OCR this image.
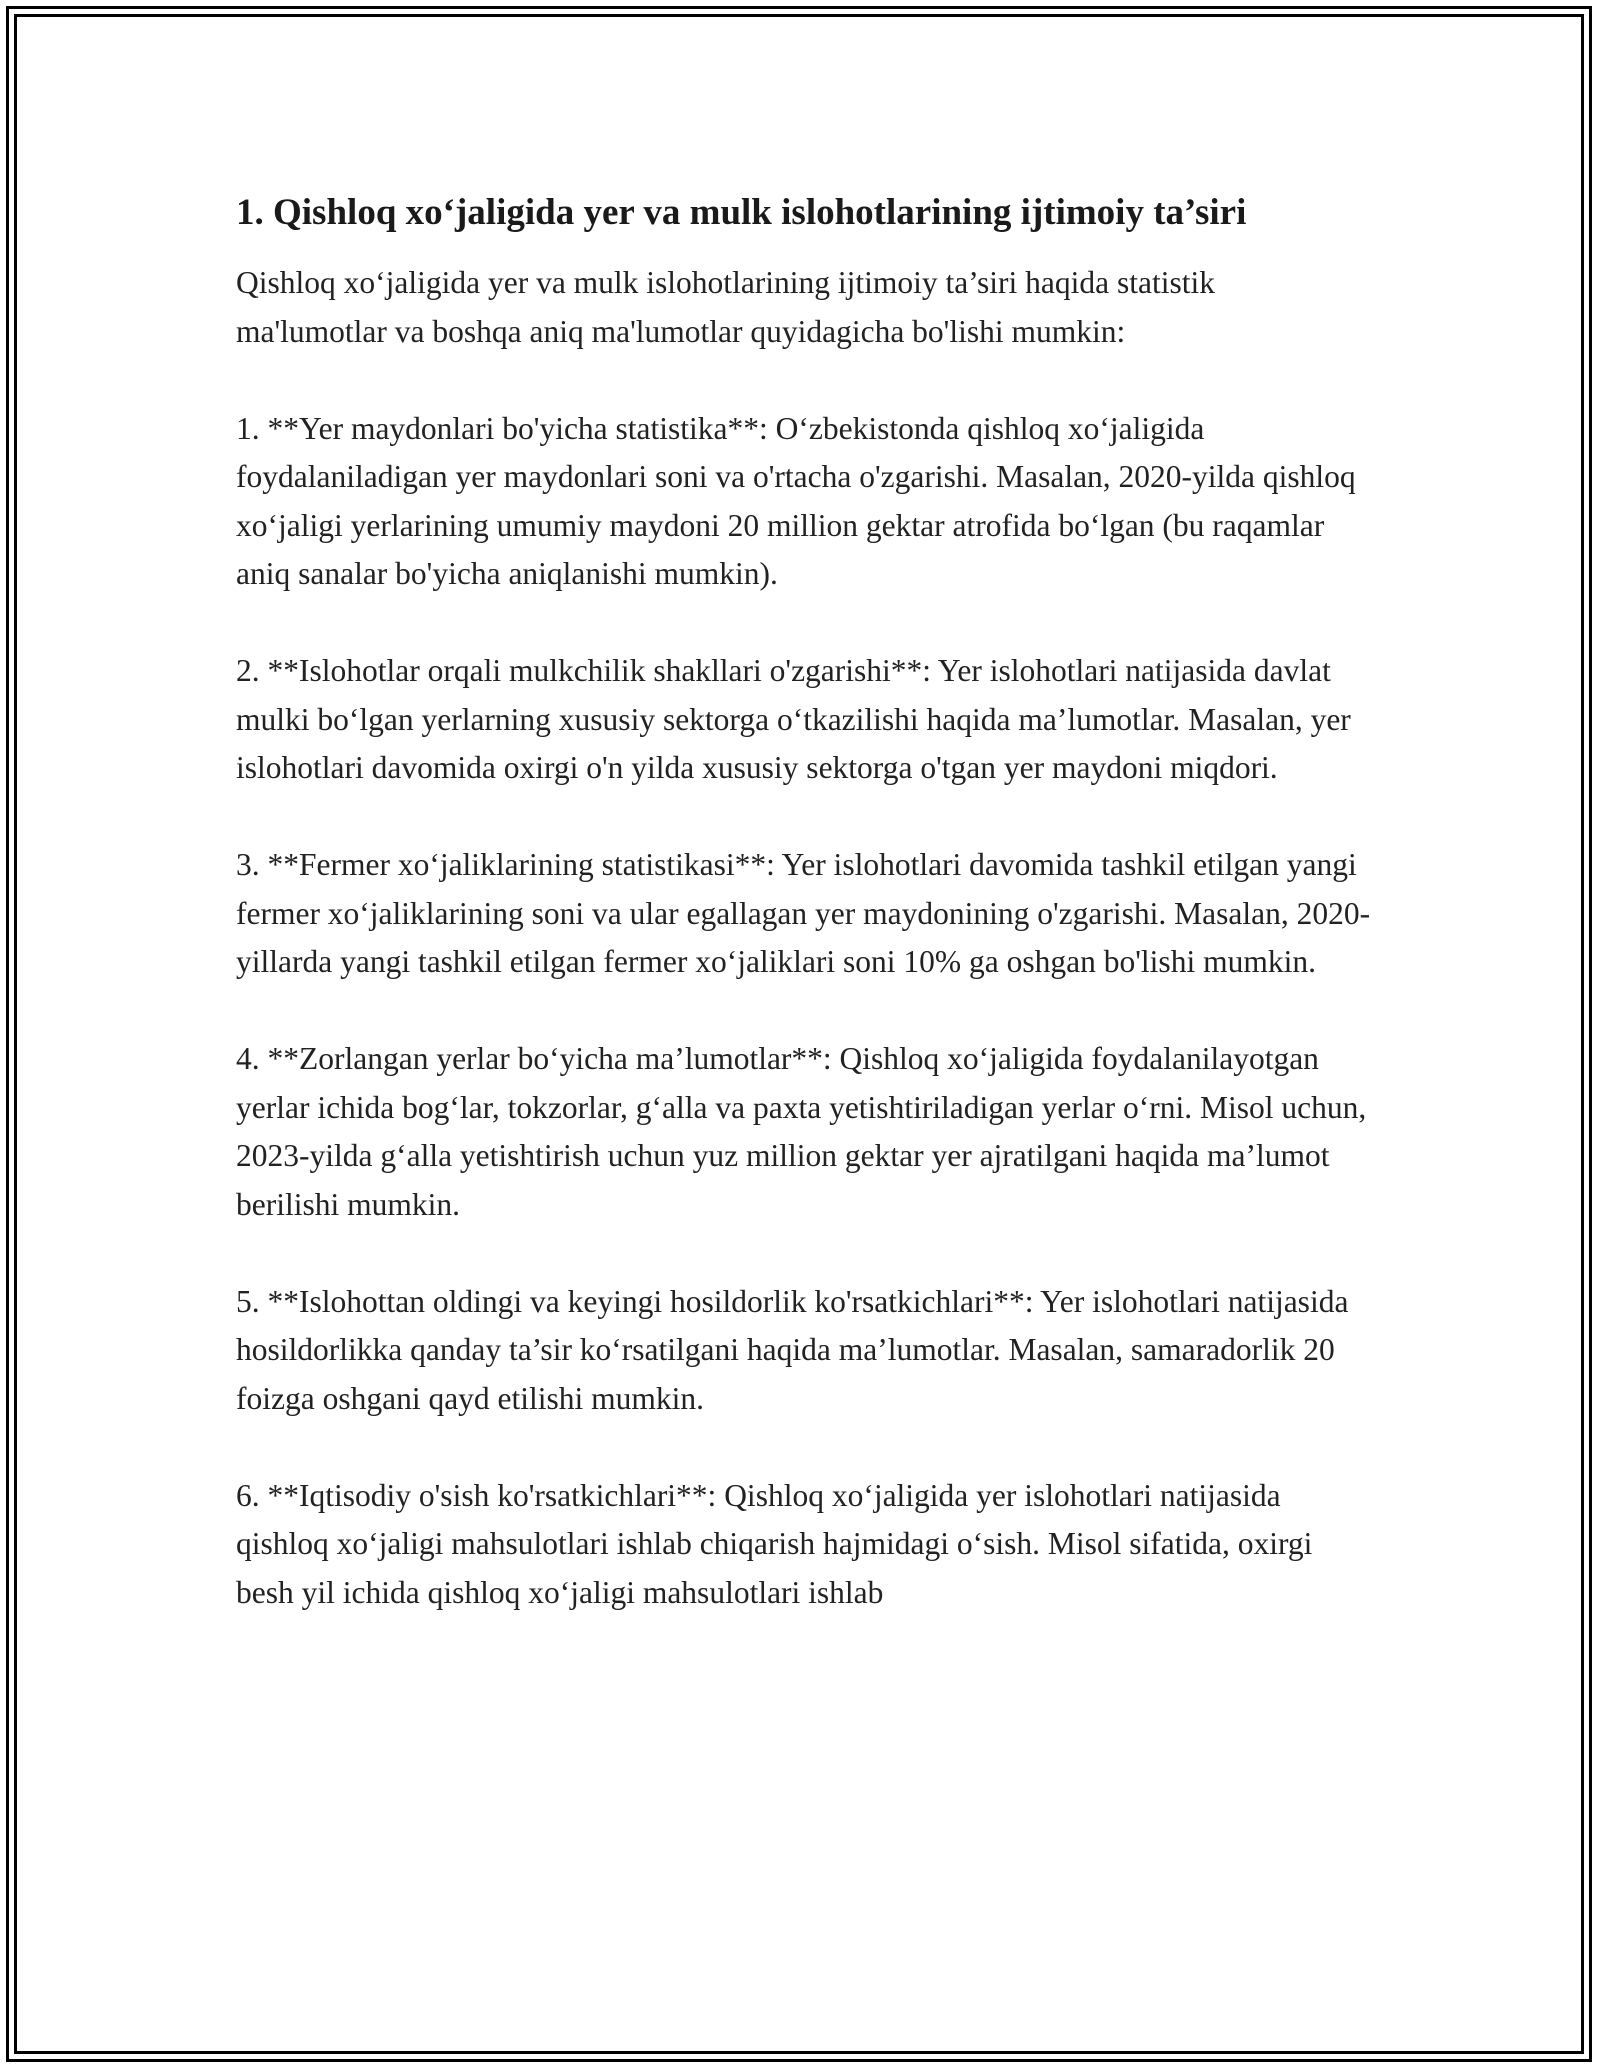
1. Qishloq xo‘jaligida yer va mulk islohotlarining ijtimoiy ta’siri

Qishloq xo‘jaligida yer va mulk islohotlarining ijtimoiy ta’siri haqida statistik ma'lumotlar va boshqa aniq ma'lumotlar quyidagicha bo'lishi mumkin:

1. **Yer maydonlari bo'yicha statistika**: O‘zbekistonda qishloq xo‘jaligida foydalaniladigan yer maydonlari soni va o'rtacha o'zgarishi. Masalan, 2020-yilda qishloq xo‘jaligi yerlarining umumiy maydoni 20 million gektar atrofida bo‘lgan (bu raqamlar aniq sanalar bo'yicha aniqlanishi mumkin).

2. **Islohotlar orqali mulkchilik shakllari o'zgarishi**: Yer islohotlari natijasida davlat mulki bo‘lgan yerlarning xususiy sektorga o‘tkazilishi haqida ma’lumotlar. Masalan, yer islohotlari davomida oxirgi o'n yilda xususiy sektorga o'tgan yer maydoni miqdori.

3. **Fermer xo‘jaliklarining statistikasi**: Yer islohotlari davomida tashkil etilgan yangi fermer xo‘jaliklarining soni va ular egallagan yer maydonining o'zgarishi. Masalan, 2020-yillarda yangi tashkil etilgan fermer xo‘jaliklari soni 10% ga oshgan bo'lishi mumkin.

4. **Zorlangan yerlar bo‘yicha ma’lumotlar**: Qishloq xo‘jaligida foydalanilayotgan yerlar ichida bog‘lar, tokzorlar, g‘alla va paxta yetishtiriladigan yerlar o‘rni. Misol uchun, 2023-yilda g‘alla yetishtirish uchun yuz million gektar yer ajratilgani haqida ma’lumot berilishi mumkin.

5. **Islohottan oldingi va keyingi hosildorlik ko'rsatkichlari**: Yer islohotlari natijasida hosildorlikka qanday ta’sir ko‘rsatilgani haqida ma’lumotlar. Masalan, samaradorlik 20 foizga oshgani qayd etilishi mumkin.

6. **Iqtisodiy o'sish ko'rsatkichlari**: Qishloq xo‘jaligida yer islohotlari natijasida qishloq xo‘jaligi mahsulotlari ishlab chiqarish hajmidagi o‘sish. Misol sifatida, oxirgi besh yil ichida qishloq xo‘jaligi mahsulotlari ishlab
